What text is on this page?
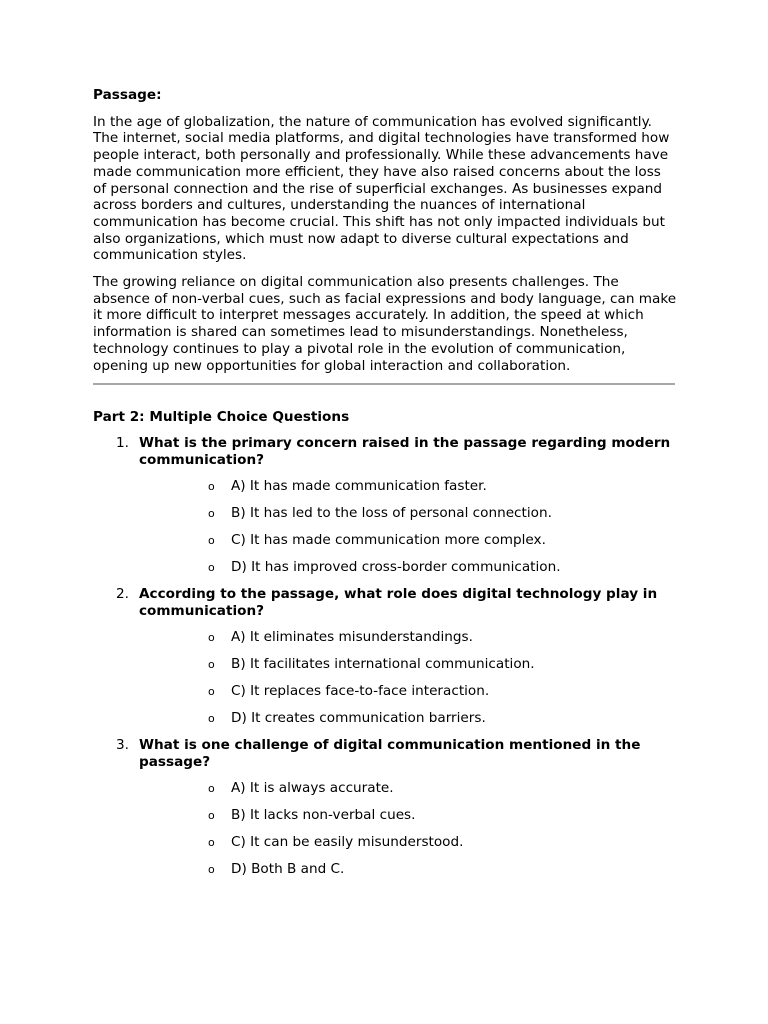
Passage:

In the age of globalization, the nature of communication has evolved significantly. The internet, social media platforms, and digital technologies have transformed how people interact, both personally and professionally. While these advancements have made communication more efficient, they have also raised concerns about the loss of personal connection and the rise of superficial exchanges. As businesses expand across borders and cultures, understanding the nuances of international communication has become crucial. This shift has not only impacted individuals but also organizations, which must now adapt to diverse cultural expectations and communication styles.

The growing reliance on digital communication also presents challenges. The absence of non-verbal cues, such as facial expressions and body language, can make it more difficult to interpret messages accurately. In addition, the speed at which information is shared can sometimes lead to misunderstandings. Nonetheless, technology continues to play a pivotal role in the evolution of communication, opening up new opportunities for global interaction and collaboration.

Part 2: Multiple Choice Questions
1. What is the primary concern raised in the passage regarding modern communication?
o A) It has made communication faster.
o B) It has led to the loss of personal connection.
o C) It has made communication more complex.
o D) It has improved cross-border communication.
2. According to the passage, what role does digital technology play in communication?
o A) It eliminates misunderstandings.
o B) It facilitates international communication.
o C) It replaces face-to-face interaction.
o D) It creates communication barriers.
3. What is one challenge of digital communication mentioned in the passage?
o A) It is always accurate.
o B) It lacks non-verbal cues.
o C) It can be easily misunderstood.
o D) Both B and C.
